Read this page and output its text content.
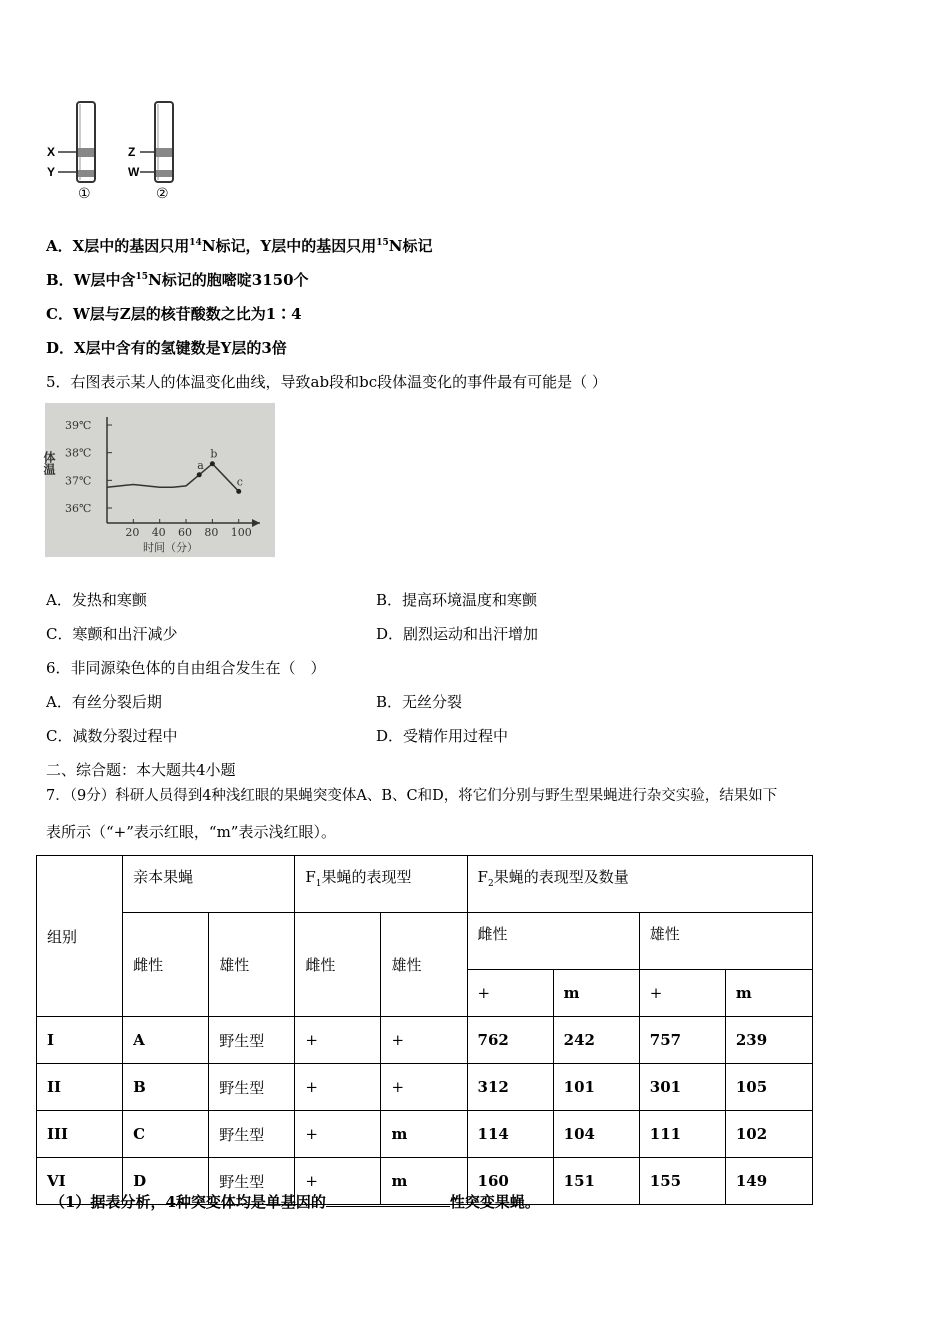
X
Y
Z
W
①	②
A．X层中的基因只用$^{14}$N标记，Y层中的基因只用$^{15}$N标记
B．W层中含$^{15}$N标记的胞嘧啶3150个
C．W层与Z层的核苷酸数之比为1∶4
D．X层中含有的氢键数是Y层的3倍
5．右图表示某人的体温变化曲线，导致ab段和bc段体温变化的事件最有可能是（ ）
39℃
38℃
37℃
36℃
20 40 60 80 100
a
b
c
体温
时间（分）
A．发热和寒颤	B．提高环境温度和寒颤
C．寒颤和出汗减少	D．剧烈运动和出汗增加
6．非同源染色体的自由组合发生在（　）
A．有丝分裂后期	B．无丝分裂
C．减数分裂过程中	D．受精作用过程中
二、综合题：本大题共4小题
7．（9分）科研人员得到4种浅红眼的果蝇突变体A、B、C和D，将它们分别与野生型果蝇进行杂交实验，结果如下
表所示（“+”表示红眼，“m”表示浅红眼）。
组别	亲本果蝇		$F_1$果蝇的表现型		$F_2$果蝇的表现型及数量			
	雌性	雄性	雌性	雄性	雌性		雄性	
					+	m	+	m
I	A	野生型	+	+	762	242	757	239
II	B	野生型	+	+	312	101	301	105
III	C	野生型	+	m	114	104	111	102
VI	D	野生型	+	m	160	151	155	149
（1）据表分析，4种突变体均是单基因的	性突变果蝇。
